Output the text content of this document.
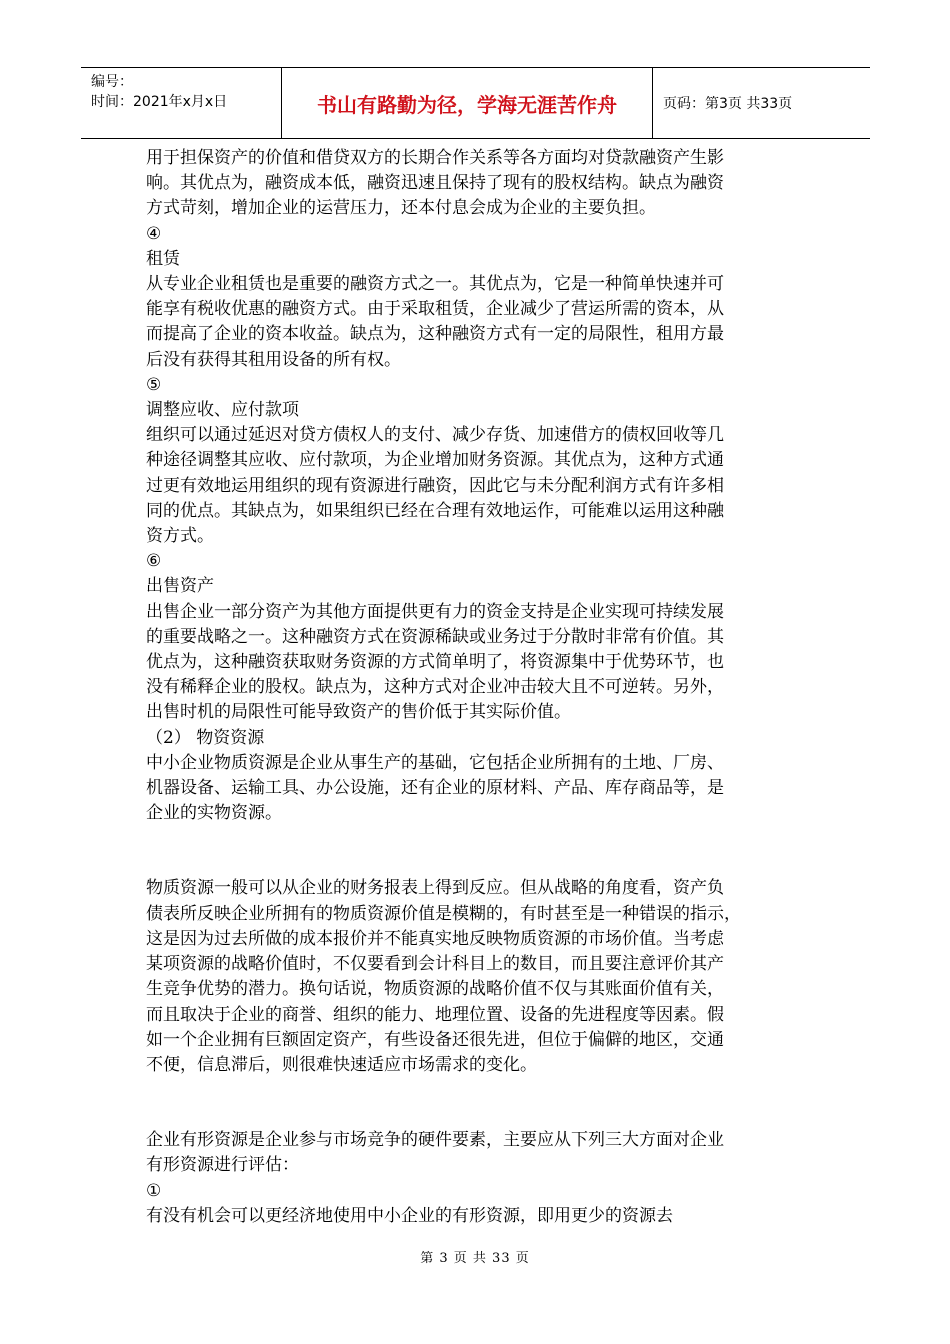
编号：
时间：2021年x月x日	书山有路勤为径，学海无涯苦作舟	页码：第3页 共33页

用于担保资产的价值和借贷双方的长期合作关系等各方面均对贷款融资产生影

响。其优点为，融资成本低，融资迅速且保持了现有的股权结构。缺点为融资

方式苛刻，增加企业的运营压力，还本付息会成为企业的主要负担。

④

租赁

从专业企业租赁也是重要的融资方式之一。其优点为，它是一种简单快速并可

能享有税收优惠的融资方式。由于采取租赁，企业减少了营运所需的资本，从

而提高了企业的资本收益。缺点为，这种融资方式有一定的局限性，租用方最

后没有获得其租用设备的所有权。

⑤

调整应收、应付款项

组织可以通过延迟对贷方债权人的支付、减少存货、加速借方的债权回收等几

种途径调整其应收、应付款项，为企业增加财务资源。其优点为，这种方式通

过更有效地运用组织的现有资源进行融资，因此它与未分配利润方式有许多相

同的优点。其缺点为，如果组织已经在合理有效地运作，可能难以运用这种融

资方式。

⑥

出售资产

出售企业一部分资产为其他方面提供更有力的资金支持是企业实现可持续发展

的重要战略之一。这种融资方式在资源稀缺或业务过于分散时非常有价值。其

优点为，这种融资获取财务资源的方式简单明了，将资源集中于优势环节，也

没有稀释企业的股权。缺点为，这种方式对企业冲击较大且不可逆转。另外，

出售时机的局限性可能导致资产的售价低于其实际价值。

（2） 物资资源

中小企业物质资源是企业从事生产的基础，它包括企业所拥有的土地、厂房、

机器设备、运输工具、办公设施，还有企业的原材料、产品、库存商品等，是

企业的实物资源。

物质资源一般可以从企业的财务报表上得到反应。但从战略的角度看，资产负

债表所反映企业所拥有的物质资源价值是模糊的，有时甚至是一种错误的指示，

这是因为过去所做的成本报价并不能真实地反映物质资源的市场价值。当考虑

某项资源的战略价值时，不仅要看到会计科目上的数目，而且要注意评价其产

生竞争优势的潜力。换句话说，物质资源的战略价值不仅与其账面价值有关，

而且取决于企业的商誉、组织的能力、地理位置、设备的先进程度等因素。假

如一个企业拥有巨额固定资产，有些设备还很先进，但位于偏僻的地区，交通

不便，信息滞后，则很难快速适应市场需求的变化。

企业有形资源是企业参与市场竞争的硬件要素，主要应从下列三大方面对企业

有形资源进行评估：

①

有没有机会可以更经济地使用中小企业的有形资源，即用更少的资源去

第 3 页 共 33 页
